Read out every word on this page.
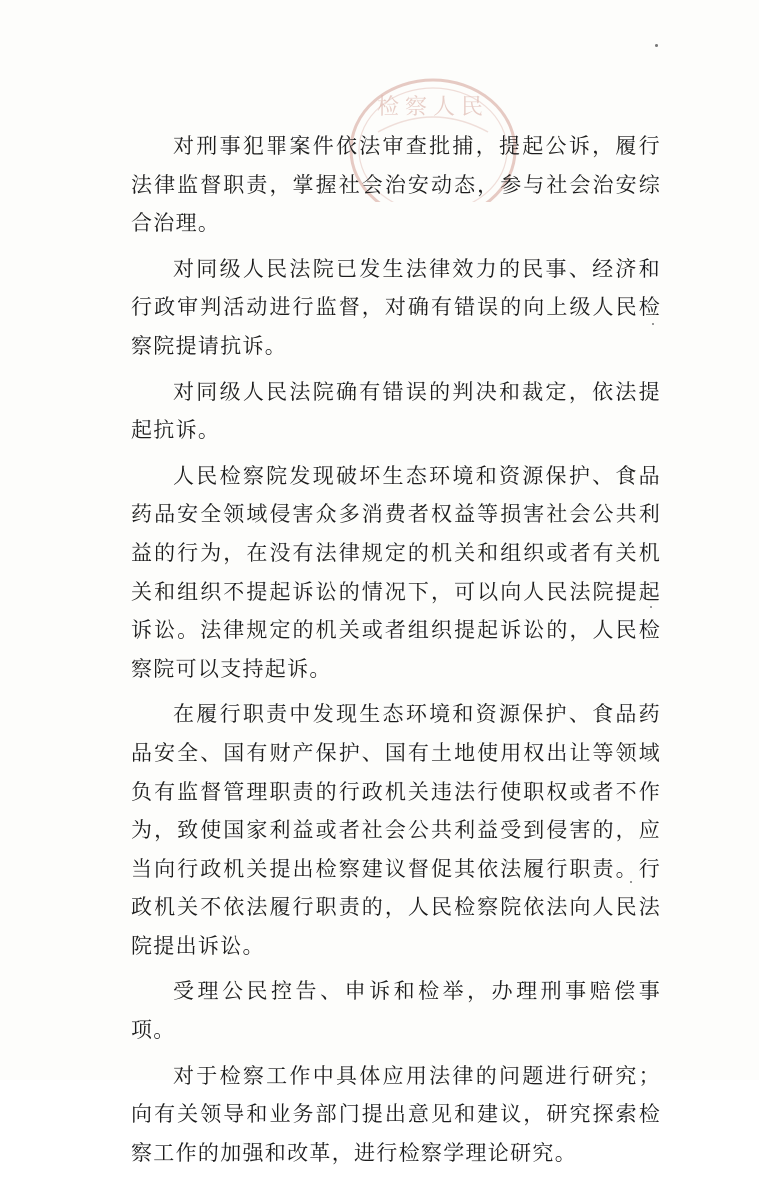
检察人民

对刑事犯罪案件依法审查批捕，提起公诉，履行法律监督职责，掌握社会治安动态，参与社会治安综合治理。

对同级人民法院已发生法律效力的民事、经济和行政审判活动进行监督，对确有错误的向上级人民检察院提请抗诉。

对同级人民法院确有错误的判决和裁定，依法提起抗诉。

人民检察院发现破坏生态环境和资源保护、食品药品安全领域侵害众多消费者权益等损害社会公共利益的行为，在没有法律规定的机关和组织或者有关机关和组织不提起诉讼的情况下，可以向人民法院提起诉讼。法律规定的机关或者组织提起诉讼的，人民检察院可以支持起诉。

在履行职责中发现生态环境和资源保护、食品药品安全、国有财产保护、国有土地使用权出让等领域负有监督管理职责的行政机关违法行使职权或者不作为，致使国家利益或者社会公共利益受到侵害的，应当向行政机关提出检察建议督促其依法履行职责。行政机关不依法履行职责的，人民检察院依法向人民法院提出诉讼。

受理公民控告、申诉和检举，办理刑事赔偿事项。

对于检察工作中具体应用法律的问题进行研究；向有关领导和业务部门提出意见和建议，研究探索检察工作的加强和改革，进行检察学理论研究。
